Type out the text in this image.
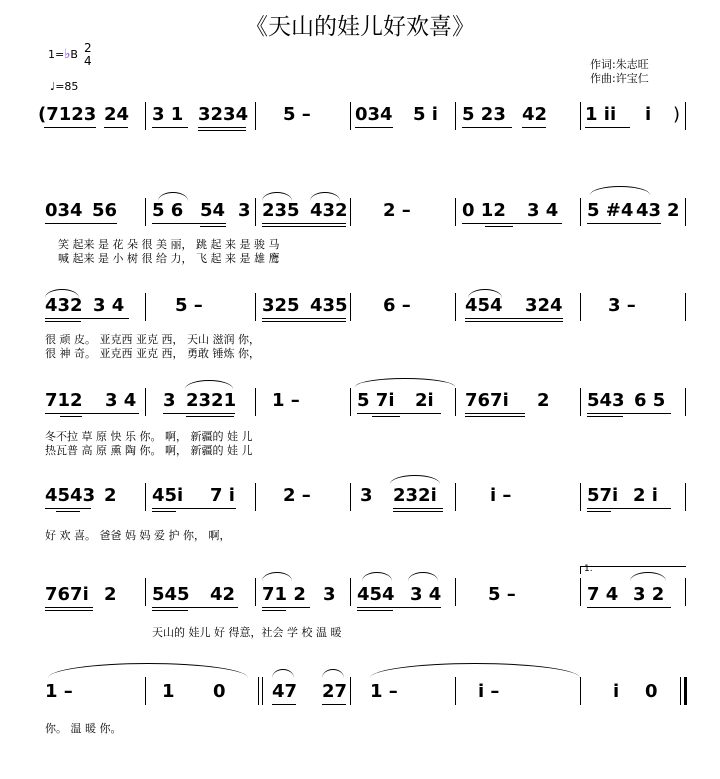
《天山的娃儿好欢喜》
1=♭B 2
4
♩=85
作词:朱志旺
作曲:许宝仁
(7123 24 3 1 3234 5 – 034 5 i 5 23 42 1 ii i )
034 56 5 6 54 3 235 432 2 –	0 12 3 4 5 #4 43 2
笑 起来 是 花 朵 很 美 丽， 跳 起 来 是 骏 马
喊 起来 是 小 树 很 给 力， 飞 起 来 是 雄 鹰
432 3 4	5 –	325 435 6 –	454 324	3 –
很 顽 皮。 亚克西 亚克 西， 天山 滋润 你，
很 神 奇。 亚克西 亚克 西， 勇敢 锤炼 你，
712 3 4 3 2321 1 –	5 7i 2i 767i 2 543 6 5
冬不拉 草 原 快 乐 你。 啊， 新疆的 娃 儿
热瓦普 高 原 熏 陶 你。 啊， 新疆的 娃 儿
4543 2 45i 7 i	2 –	3 232i	i –	57i 2 i
好 欢 喜。 爸爸 妈 妈 爱 护 你， 啊，
1.
767i 2 545 42 71 2 3 454 3 4	5 –	7 4 3 2
天山的 娃儿 好 得意，社会 学 校 温 暖
1 –	1 0	47 27 1 –	i –	i 0
你。 温 暖 你。
